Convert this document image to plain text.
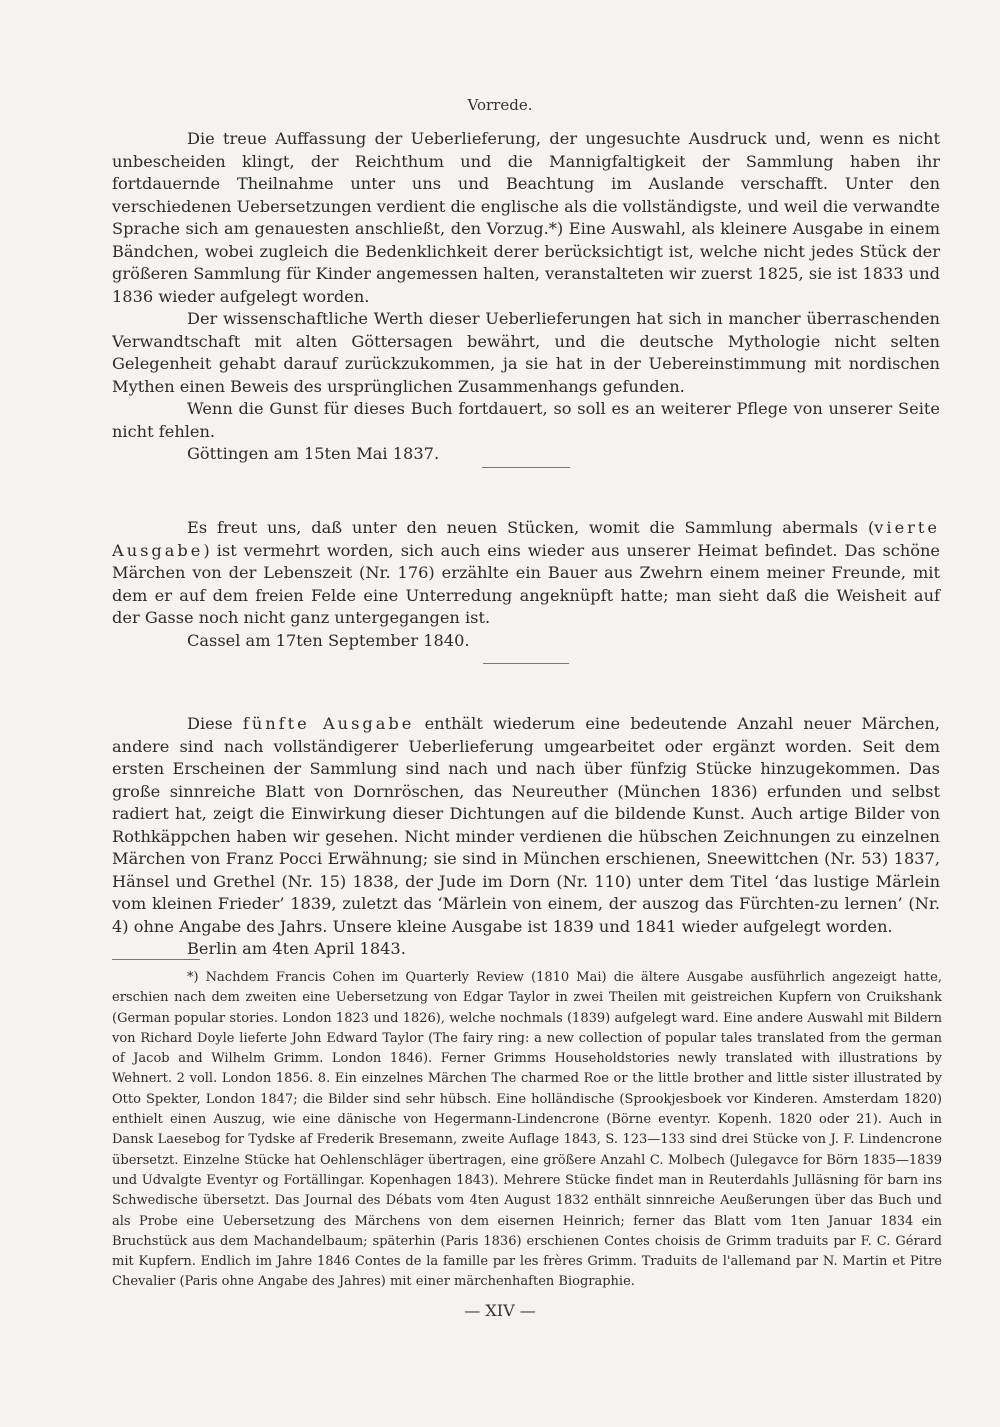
Vorrede.

Die treue Auffassung der Ueberlieferung, der ungesuchte Ausdruck und, wenn es nicht unbescheiden klingt, der Reichthum und die Mannigfaltigkeit der Sammlung haben ihr fortdauernde Theilnahme unter uns und Beachtung im Auslande verschafft. Unter den verschiedenen Uebersetzungen verdient die englische als die vollständigste, und weil die verwandte Sprache sich am genauesten anschließt, den Vorzug.*) Eine Auswahl, als kleinere Ausgabe in einem Bändchen, wobei zugleich die Bedenklichkeit derer berücksichtigt ist, welche nicht jedes Stück der größeren Sammlung für Kinder angemessen halten, veranstalteten wir zuerst 1825, sie ist 1833 und 1836 wieder aufgelegt worden.

Der wissenschaftliche Werth dieser Ueberlieferungen hat sich in mancher überraschenden Verwandtschaft mit alten Göttersagen bewährt, und die deutsche Mythologie nicht selten Gelegenheit gehabt darauf zurückzukommen, ja sie hat in der Uebereinstimmung mit nordischen Mythen einen Beweis des ursprünglichen Zusammenhangs gefunden.

Wenn die Gunst für dieses Buch fortdauert, so soll es an weiterer Pflege von unserer Seite nicht fehlen.

Göttingen am 15ten Mai 1837.

Es freut uns, daß unter den neuen Stücken, womit die Sammlung abermals (vierte Ausgabe) ist vermehrt worden, sich auch eins wieder aus unserer Heimat befindet. Das schöne Märchen von der Lebenszeit (Nr. 176) erzählte ein Bauer aus Zwehrn einem meiner Freunde, mit dem er auf dem freien Felde eine Unterredung angeknüpft hatte; man sieht daß die Weisheit auf der Gasse noch nicht ganz untergegangen ist.

Cassel am 17ten September 1840.

Diese fünfte Ausgabe enthält wiederum eine bedeutende Anzahl neuer Märchen, andere sind nach vollständigerer Ueberlieferung umgearbeitet oder ergänzt worden. Seit dem ersten Erscheinen der Sammlung sind nach und nach über fünfzig Stücke hinzugekommen. Das große sinnreiche Blatt von Dornröschen, das Neureuther (München 1836) erfunden und selbst radiert hat, zeigt die Einwirkung dieser Dichtungen auf die bildende Kunst. Auch artige Bilder von Rothkäppchen haben wir gesehen. Nicht minder verdienen die hübschen Zeichnungen zu einzelnen Märchen von Franz Pocci Erwähnung; sie sind in München erschienen, Sneewittchen (Nr. 53) 1837, Hänsel und Grethel (Nr. 15) 1838, der Jude im Dorn (Nr. 110) unter dem Titel ‘das lustige Märlein vom kleinen Frieder’ 1839, zuletzt das ‘Märlein von einem, der auszog das Fürchten-zu lernen’ (Nr. 4) ohne Angabe des Jahrs. Unsere kleine Ausgabe ist 1839 und 1841 wieder aufgelegt worden.

Berlin am 4ten April 1843.

*) Nachdem Francis Cohen im Quarterly Review (1810 Mai) die ältere Ausgabe ausführlich angezeigt hatte, erschien nach dem zweiten eine Uebersetzung von Edgar Taylor in zwei Theilen mit geistreichen Kupfern von Cruikshank (German popular stories. London 1823 und 1826), welche nochmals (1839) aufgelegt ward. Eine andere Auswahl mit Bildern von Richard Doyle lieferte John Edward Taylor (The fairy ring: a new collection of popular tales translated from the german of Jacob and Wilhelm Grimm. London 1846). Ferner Grimms Householdstories newly translated with illustrations by Wehnert. 2 voll. London 1856. 8. Ein einzelnes Märchen The charmed Roe or the little brother and little sister illustrated by Otto Spekter, London 1847; die Bilder sind sehr hübsch. Eine holländische (Sprookjesboek vor Kinderen. Amsterdam 1820) enthielt einen Auszug, wie eine dänische von Hegermann-Lindencrone (Börne eventyr. Kopenh. 1820 oder 21). Auch in Dansk Laesebog for Tydske af Frederik Bresemann, zweite Auflage 1843, S. 123—133 sind drei Stücke von J. F. Lindencrone übersetzt. Einzelne Stücke hat Oehlenschläger übertragen, eine größere Anzahl C. Molbech (Julegavce for Börn 1835—1839 und Udvalgte Eventyr og Fortällingar. Kopenhagen 1843). Mehrere Stücke findet man in Reuterdahls Julläsning för barn ins Schwedische übersetzt. Das Journal des Débats vom 4ten August 1832 enthält sinnreiche Aeußerungen über das Buch und als Probe eine Uebersetzung des Märchens von dem eisernen Heinrich; ferner das Blatt vom 1ten Januar 1834 ein Bruchstück aus dem Machandelbaum; späterhin (Paris 1836) erschienen Contes choisis de Grimm traduits par F. C. Gérard mit Kupfern. Endlich im Jahre 1846 Contes de la famille par les frères Grimm. Traduits de l'allemand par N. Martin et Pitre Chevalier (Paris ohne Angabe des Jahres) mit einer märchenhaften Biographie.

— XIV —
